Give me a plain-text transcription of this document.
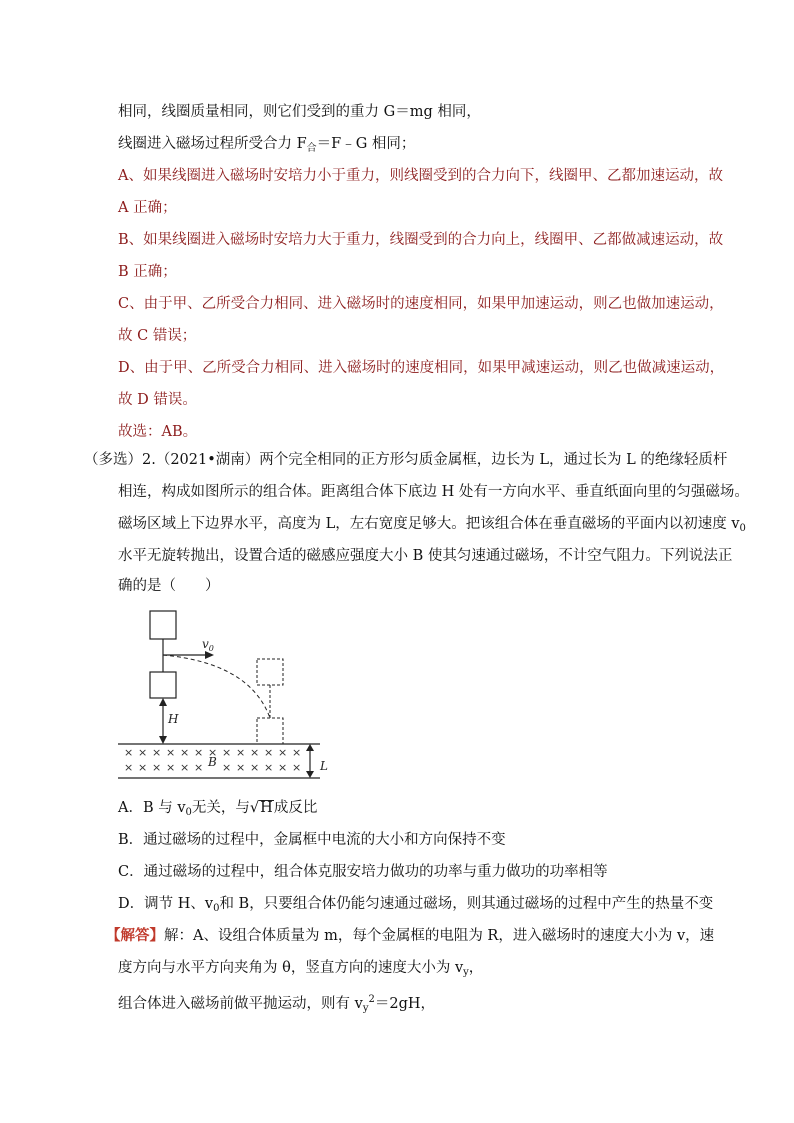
相同，线圈质量相同，则它们受到的重力 G＝mg 相同，
线圈进入磁场过程所受合力 $F_合=F﹣G$ 相同；
A、如果线圈进入磁场时安培力小于重力，则线圈受到的合力向下，线圈甲、乙都加速运动，故
A 正确；
B、如果线圈进入磁场时安培力大于重力，线圈受到的合力向上，线圈甲、乙都做减速运动，故
B 正确；
C、由于甲、乙所受合力相同、进入磁场时的速度相同，如果甲加速运动，则乙也做加速运动，
故 C 错误；
D、由于甲、乙所受合力相同、进入磁场时的速度相同，如果甲减速运动，则乙也做减速运动，
故 D 错误。
故选：AB。
（多选）2.（2021•湖南）两个完全相同的正方形匀质金属框，边长为 L，通过长为 L 的绝缘轻质杆
相连，构成如图所示的组合体。距离组合体下底边 H 处有一方向水平、垂直纸面向里的匀强磁场。
磁场区域上下边界水平，高度为 L，左右宽度足够大。把该组合体在垂直磁场的平面内以初速度 $v_0$
水平无旋转抛出，设置合适的磁感应强度大小 B 使其匀速通过磁场，不计空气阻力。下列说法正
确的是（　　）
$v_0$
H
× × × × × × × × × × × × ×
× × × × × × × × × × × ×
B	L
A．B 与 $v_0$无关，与√H成反比
B．通过磁场的过程中，金属框中电流的大小和方向保持不变
C．通过磁场的过程中，组合体克服安培力做功的功率与重力做功的功率相等
D．调节 H、$v_0$和 B，只要组合体仍能匀速通过磁场，则其通过磁场的过程中产生的热量不变
【解答】解：A、设组合体质量为 m，每个金属框的电阻为 R，进入磁场时的速度大小为 v，速
度方向与水平方向夹角为 θ，竖直方向的速度大小为 $v_y$，
组合体进入磁场前做平抛运动，则有 $v_y^2=2gH$，
